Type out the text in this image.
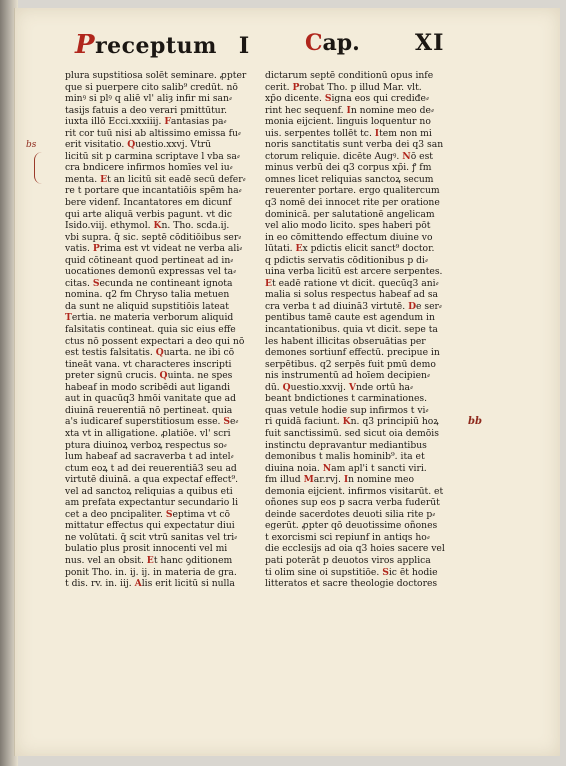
Preceptum I	Cap.	XI
plura supstitiosa solēt seminare. ꝓpter
que si puerpere cito salib⁹ credūt. nō
minꝰ si plꝰ q aliē vl' aliȝ infir mi san⸗
tasijs fatuis a deo verari pmittūtur.
iuxta illō Ecci.xxxiiij. Fantasias pa⸗
rit cor tuū nisi ab altissimo emissa fu⸗
erit visitatio. Questio.xxvj. Vtrū
licitū sit p carmina scriptave l vba sa⸗
cra bndicere infirmos homīes vel iu⸗
menta. Et an licitū sit eadē secū defer⸗
re t portare que incantatiōis spēm ha⸗
bere videnf. Incantatores em dicunf
qui arte aliquā verbis pagunt. vt dic
Isido.viij. ethymol. Kn. Tho. scda.ij.
vbi supra. q̄ sic. septē cōditiōibus ser⸗
vatis. Prima est vt videat ne verba ali⸗
quid cōtineant quod pertineat ad in⸗
uocationes demonū expressas vel ta⸗
citas. Secunda ne contineant ignota
nomina. q2 fm Chryso talia metuen
da sunt ne aliquid supstitiōis lateat
Tertia. ne materia verborum aliquid
falsitatis contineat. quia sic eius effe
ctus nō possent expectari a deo qui nō
est testis falsitatis. Quarta. ne ibi cō
tineāt vana. vt characteres inscripti
preter signū crucis. Quinta. ne spes
habeaf in modo scribēdi aut ligandi
aut in quacūq3 hmōi vanitate que ad
diuinā reuerentiā nō pertineat. quia
a's iudicaref superstitiosum esse. Se⸗
xta vt in alligatione. ꝓlatiōe. vl' scri
ptura diuinoꝝ verboꝝ respectus so⸗
lum habeaf ad sacraverba t ad intel⸗
ctum eoꝝ t ad dei reuerentiā3 seu ad
virtutē diuinā. a qua expectaf effect⁹.
vel ad sanctoꝝ reliquias a quibus eti
am prefata expectantur secundario li
cet a deo pncipaliter. Septima vt cō
mittatur effectus qui expectatur diui
ne volūtati. q̄ scit vtrū sanitas vel tri⸗
bulatio plus prosit innocenti vel mi
nus. vel an obsit. Et hanc ꝯditionem
ponit Tho. in. ij. ij. in materia de gra.
t dis. rv. in. iij. Alis erit licitū si nulla
dictarum septē conditionū opus infe
cerit. Probat Tho. p illud Mar. vlt.
xp̄o dicente. Signa eos qui crediđe⸗
rint hec sequenf. In nomine meo de⸗
monia eijcient. linguis loquentur no
uis. serpentes tollēt tc. Item non mi
noris sanctitatis sunt verba dei q3 san
ctorum reliquie. dicēte Augꝰ. Nō est
minus verbū dei q3 corpus xp̄i. ꝭ fm
omnes licet reliquias sanctoꝝ secum
reuerenter portare. ergo qualitercum
q3 nomē dei innocet rite per oratione
dominicā. per salutationē angelicam
vel alio modo licito. spes haberi pōt
in eo cōmittendo effectum diuine vo
lūtati. Ex pdictis elicit sanct⁹ doctor.
q pdictis servatis cōditionibus p di⸗
uina verba licitū est arcere serpentes.
Et eadē ratione vt dicit. quecūq3 ani⸗
malia si solus respectus habeaf ad sa
cra verba t ad diuinā3 virtutē. De ser⸗
pentibus tamē caute est agendum in
incantationibus. quia vt dicit. sepe ta
les habent illicitas obseruātias per
demones sortiunf effectū. precipue in
serpētibus. q2 serpēs fuit pmū demo
nis instrumentū ad hoīem decipien⸗
dū. Questio.xxvij. Vnde ortū ha⸗
beant bndictiones t carminationes.
quas vetule hodie sup infirmos t vi⸗
ri quidā faciunt. Kn. q3 principiū hoꝝ
fuit sanctissimū. sed sicut oia demōis
instinctu depravantur mediantibus
demonibus t malis hominib⁹. ita et
diuina noia. Nam apl'i t sancti viri.
fm illud Mar.rvj. In nomine meo
demonia eijcient. infirmos visitarūt. et
oñones sup eos p sacra verba fuderūt
deinde sacerdotes deuoti silia rite p⸗
egerūt. ꝓpter qō deuotissime oñones
t exorcismi sci repiunf in antiqs ho⸗
die ecclesijs ad oia q3 hoies sacere vel
pati poterāt p deuotos viros applica
ti olim sine oi supstitiōe. Sic ēt hodie
litteratos et sacre theologie doctores
bs
bb
